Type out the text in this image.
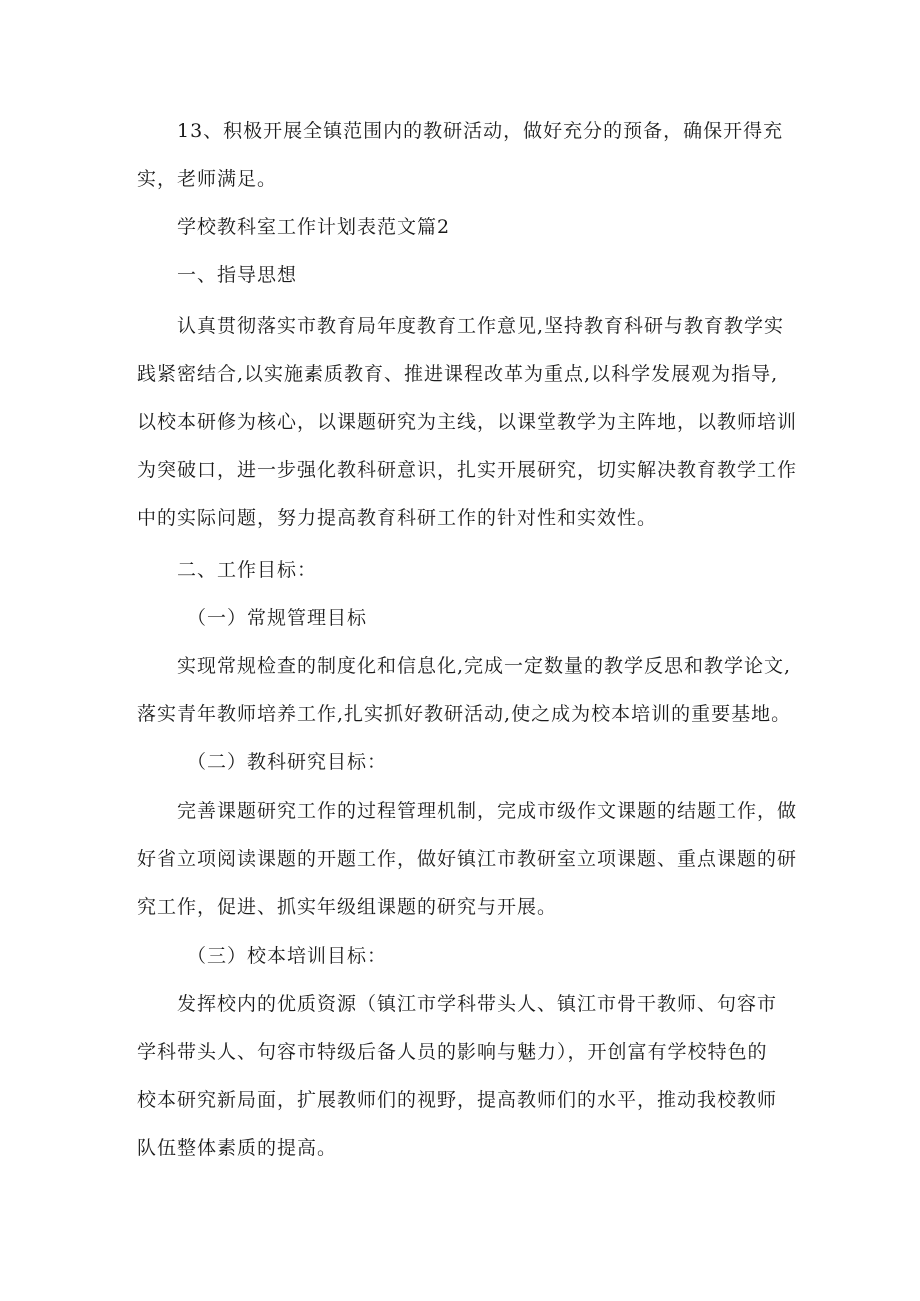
13、积极开展全镇范围内的教研活动，做好充分的预备，确保开得充
实，老师满足。
学校教科室工作计划表范文篇2
一、指导思想
认真贯彻落实市教育局年度教育工作意见,坚持教育科研与教育教学实
践紧密结合,以实施素质教育、推进课程改革为重点,以科学发展观为指导,
以校本研修为核心，以课题研究为主线，以课堂教学为主阵地，以教师培训
为突破口，进一步强化教科研意识，扎实开展研究，切实解决教育教学工作
中的实际问题，努力提高教育科研工作的针对性和实效性。
二、工作目标：
（一）常规管理目标
实现常规检查的制度化和信息化,完成一定数量的教学反思和教学论文,
落实青年教师培养工作,扎实抓好教研活动,使之成为校本培训的重要基地。
（二）教科研究目标：
完善课题研究工作的过程管理机制，完成市级作文课题的结题工作，做
好省立项阅读课题的开题工作，做好镇江市教研室立项课题、重点课题的研
究工作，促进、抓实年级组课题的研究与开展。
（三）校本培训目标：
发挥校内的优质资源（镇江市学科带头人、镇江市骨干教师、句容市
学科带头人、句容市特级后备人员的影响与魅力），开创富有学校特色的
校本研究新局面，扩展教师们的视野，提高教师们的水平，推动我校教师
队伍整体素质的提高。
